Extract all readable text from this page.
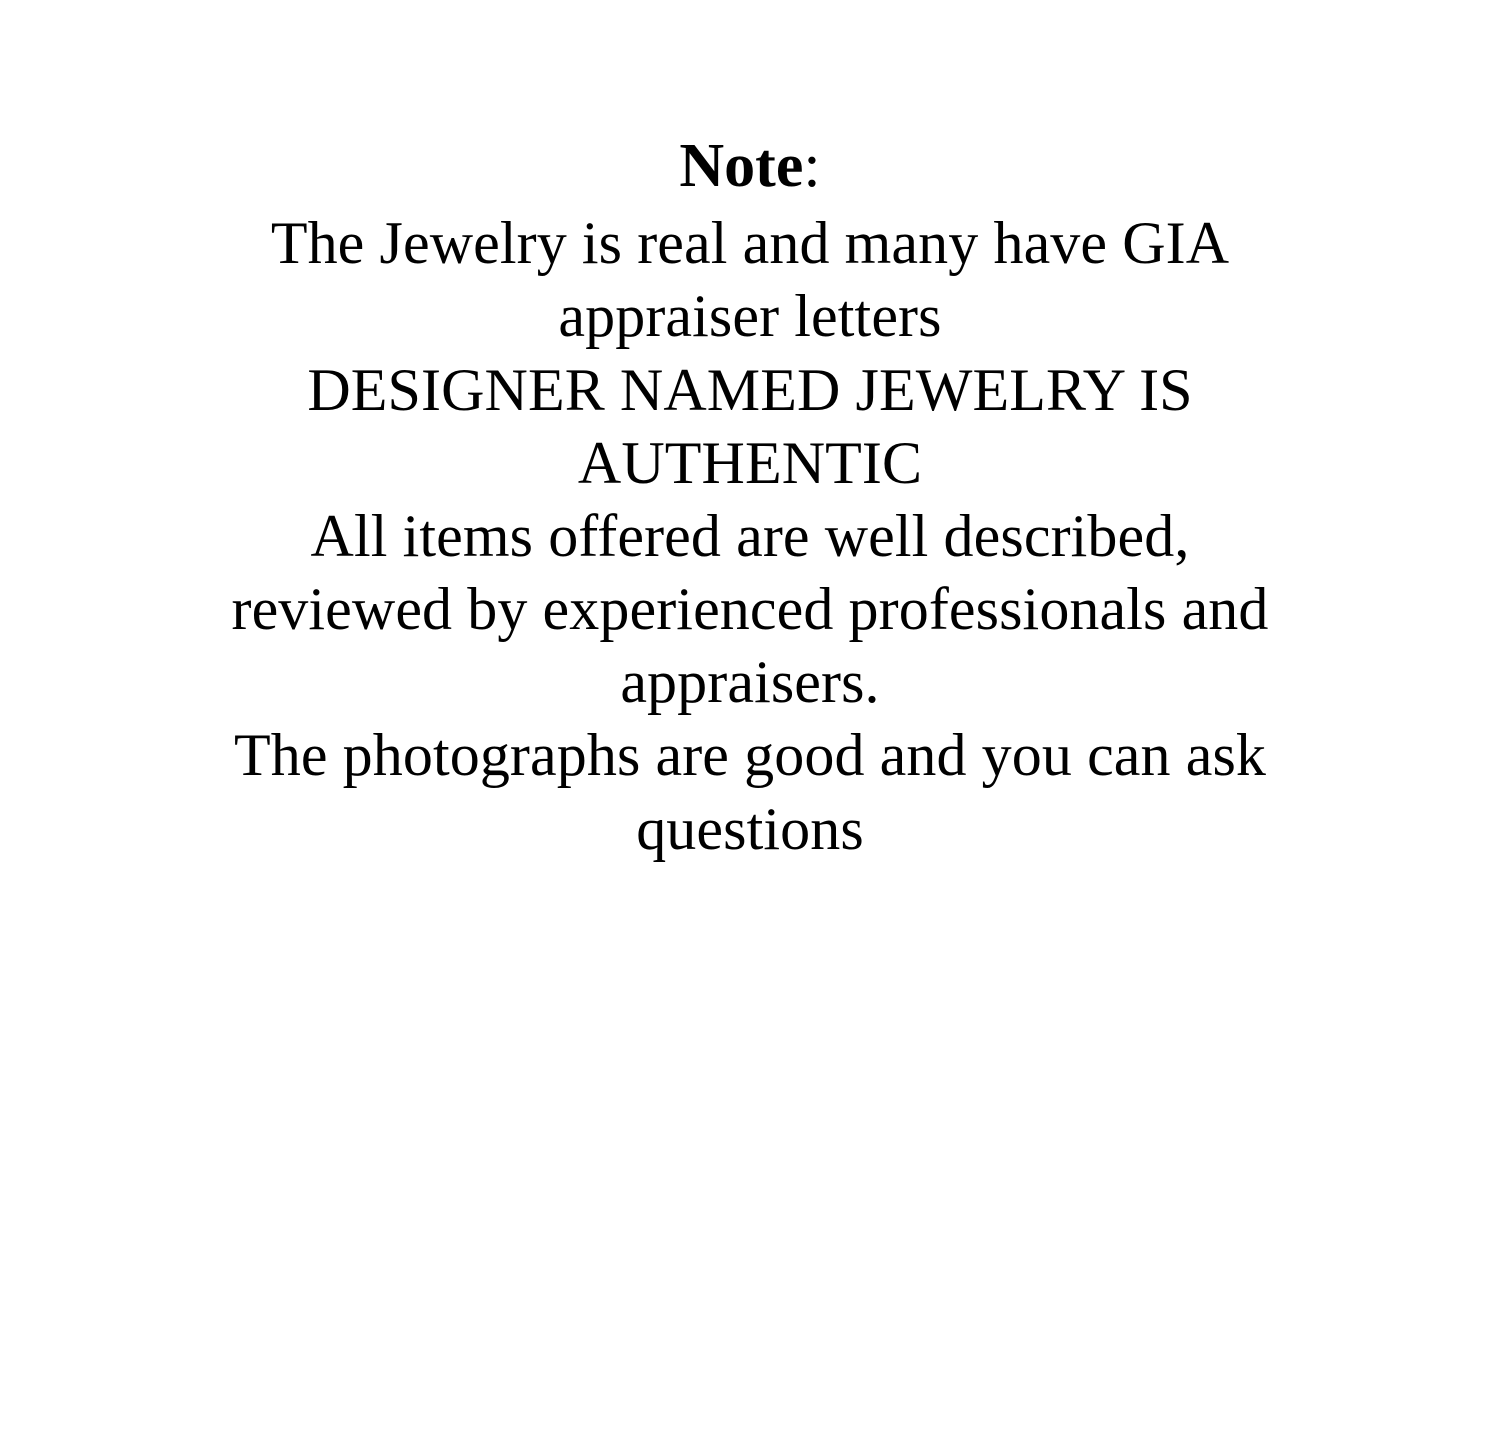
Note:
The Jewelry is real and many have GIA
appraiser letters
DESIGNER NAMED JEWELRY IS
AUTHENTIC
All items offered are well described,
reviewed by experienced professionals and
appraisers.
The photographs are good and you can ask
questions
